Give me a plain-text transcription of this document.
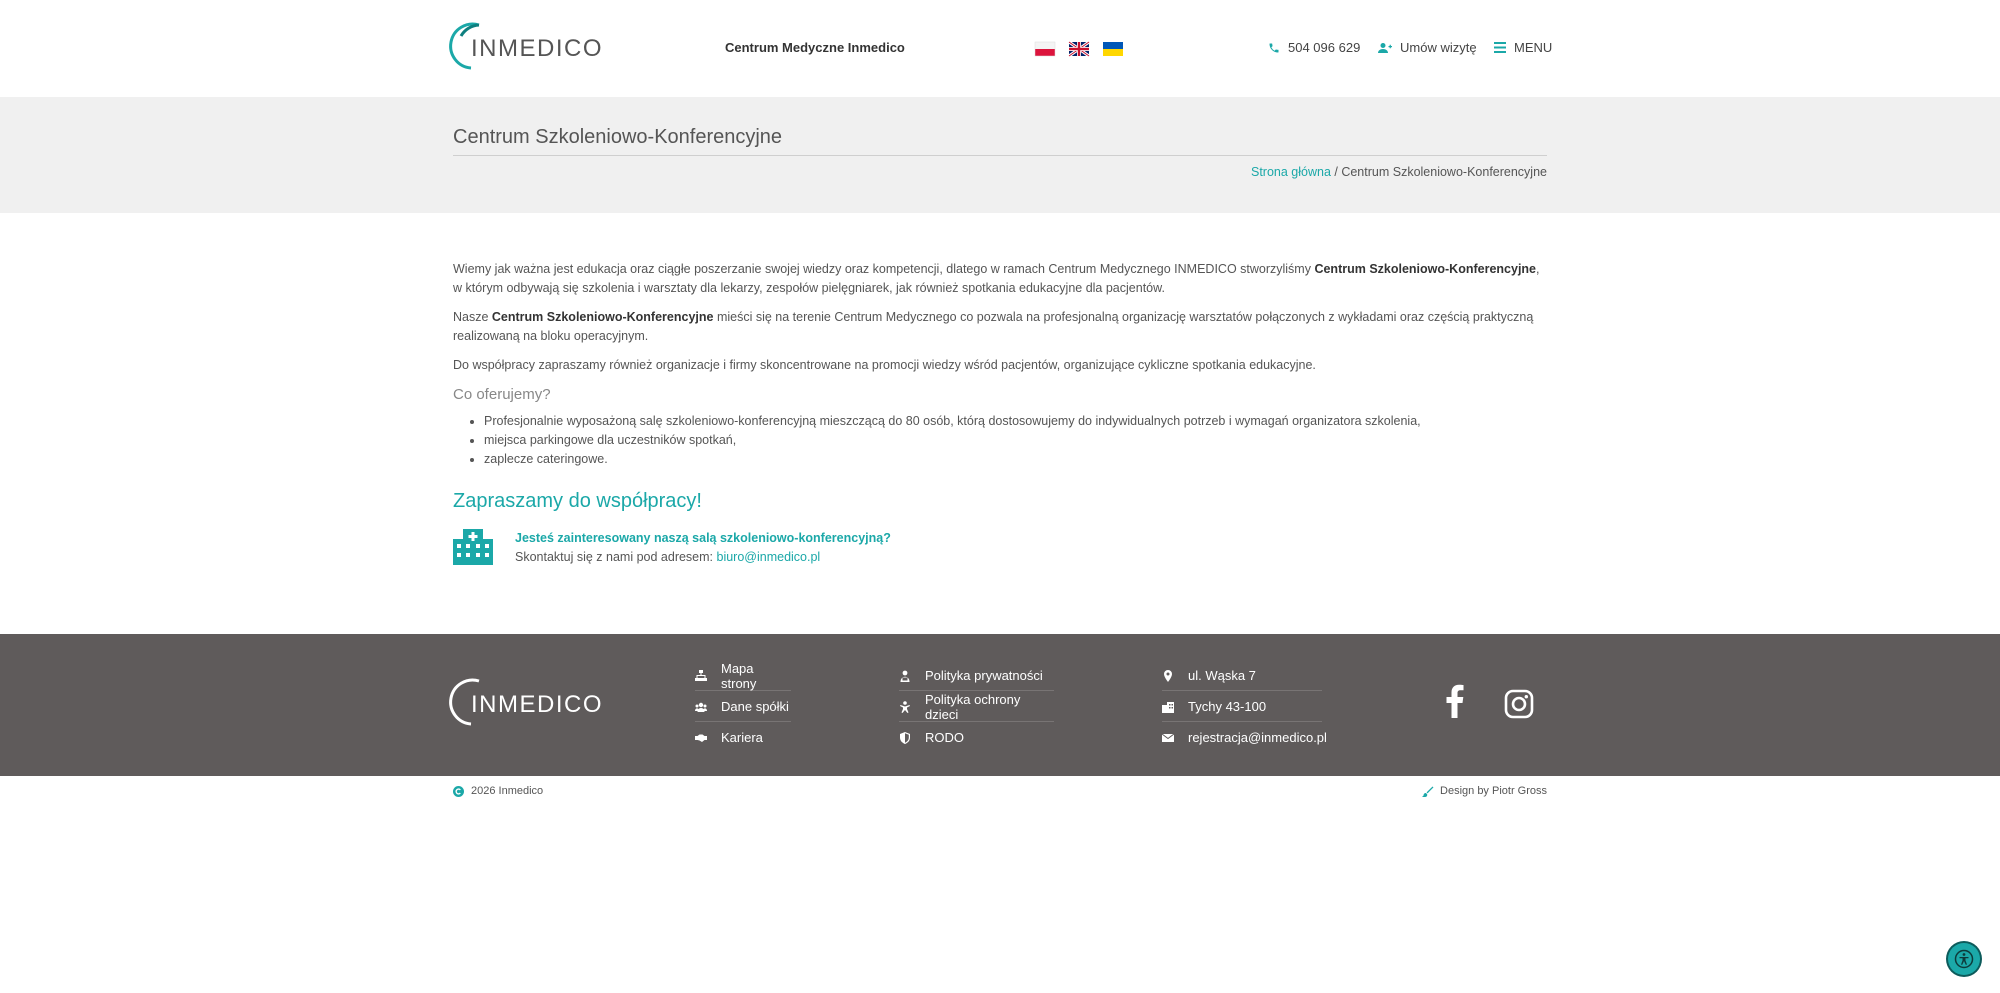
INMEDICO	Centrum Medyczne Inmedico	504 096 629	Umów wizytę	MENU
Centrum Szkoleniowo-Konferencyjne
Strona główna / Centrum Szkoleniowo-Konferencyjne

Wiemy jak ważna jest edukacja oraz ciągłe poszerzanie swojej wiedzy oraz kompetencji, dlatego w ramach Centrum Medycznego INMEDICO stworzyliśmy Centrum Szkoleniowo-Konferencyjne, w którym odbywają się szkolenia i warsztaty dla lekarzy, zespołów pielęgniarek, jak również spotkania edukacyjne dla pacjentów.

Nasze Centrum Szkoleniowo-Konferencyjne mieści się na terenie Centrum Medycznego co pozwala na profesjonalną organizację warsztatów połączonych z wykładami oraz częścią praktyczną realizowaną na bloku operacyjnym.

Do współpracy zapraszamy również organizacje i firmy skoncentrowane na promocji wiedzy wśród pacjentów, organizujące cykliczne spotkania edukacyjne.

Co oferujemy?
• Profesjonalnie wyposażoną salę szkoleniowo-konferencyjną mieszczącą do 80 osób, którą dostosowujemy do indywidualnych potrzeb i wymagań organizatora szkolenia,
• miejsca parkingowe dla uczestników spotkań,
• zaplecze cateringowe.
Zapraszamy do współpracy!
Jesteś zainteresowany naszą salą szkoleniowo-konferencyjną?
Skontaktuj się z nami pod adresem: biuro@inmedico.pl
INMEDICO
Mapa strony
Dane spółki
Kariera
Polityka prywatności
Polityka ochrony dzieci
RODO
ul. Wąska 7
Tychy 43-100
rejestracja@inmedico.pl
2026 Inmedico	Design by Piotr Gross
